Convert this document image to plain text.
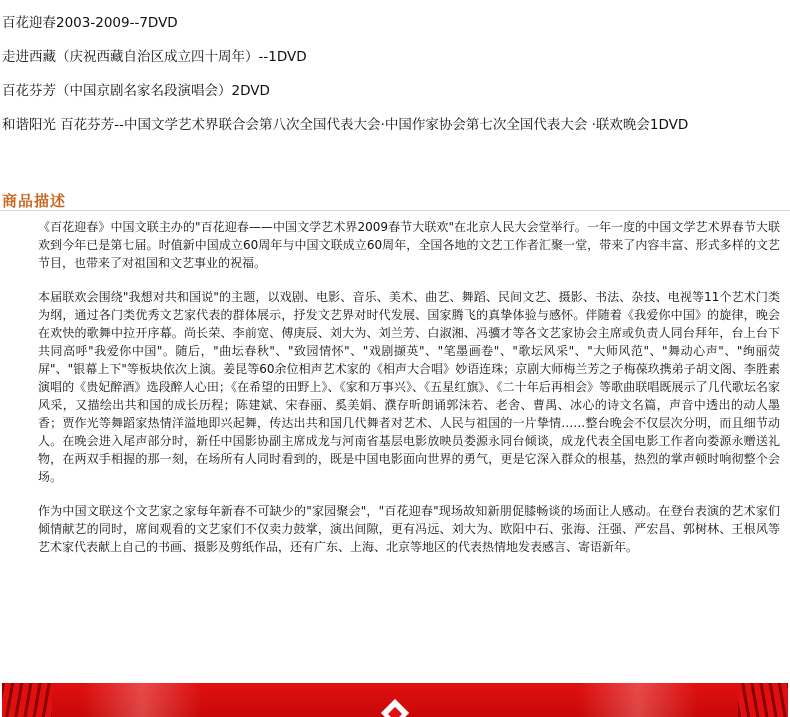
百花迎春2003-2009--7DVD
走进西藏（庆祝西藏自治区成立四十周年）--1DVD
百花芬芳（中国京剧名家名段演唱会）2DVD
和谐阳光 百花芬芳--中国文学艺术界联合会第八次全国代表大会·中国作家协会第七次全国代表大会 ·联欢晚会1DVD
商品描述

《百花迎春》中国文联主办的"百花迎春——中国文学艺术界2009春节大联欢"在北京人民大会堂举行。一年一度的中国文学艺术界春节大联欢到今年已是第七届。时值新中国成立60周年与中国文联成立60周年，全国各地的文艺工作者汇聚一堂，带来了内容丰富、形式多样的文艺节目，也带来了对祖国和文艺事业的祝福。

本届联欢会围绕"我想对共和国说"的主题，以戏剧、电影、音乐、美术、曲艺、舞蹈、民间文艺、摄影、书法、杂技、电视等11个艺术门类为纲，通过各门类优秀文艺家代表的群体展示，抒发文艺界对时代发展、国家腾飞的真挚体验与感怀。伴随着《我爱你中国》的旋律，晚会在欢快的歌舞中拉开序幕。尚长荣、李前宽、傅庚辰、刘大为、刘兰芳、白淑湘、冯骥才等各文艺家协会主席或负责人同台拜年，台上台下共同高呼"我爱你中国"。随后，"曲坛春秋"、"致园情怀"、"戏剧撷英"、"笔墨画卷"、"歌坛风采"、"大师风范"、"舞动心声"、"绚丽荧屏"、"银幕上下"等板块依次上演。姜昆等60余位相声艺术家的《相声大合唱》妙语连珠；京剧大师梅兰芳之子梅葆玖携弟子胡文阁、李胜素演唱的《贵妃醉酒》选段醉人心田；《在希望的田野上》、《家和万事兴》、《五星红旗》、《二十年后再相会》等歌曲联唱既展示了几代歌坛名家风采，又描绘出共和国的成长历程；陈建斌、宋春丽、奚美娟、濮存昕朗诵郭沫若、老舍、曹禺、冰心的诗文名篇，声音中透出的动人墨香；贾作光等舞蹈家热情洋溢地即兴起舞，传达出共和国几代舞者对艺术、人民与祖国的一片挚情……整台晚会不仅层次分明，而且细节动人。在晚会进入尾声部分时，新任中国影协副主席成龙与河南省基层电影放映员娄源永同台倾谈，成龙代表全国电影工作者向娄源永赠送礼物，在两双手相握的那一刻，在场所有人同时看到的，既是中国电影面向世界的勇气，更是它深入群众的根基，热烈的掌声顿时响彻整个会场。

作为中国文联这个文艺家之家每年新春不可缺少的"家园聚会"，"百花迎春"现场故知新朋促膝畅谈的场面让人感动。在登台表演的艺术家们倾情献艺的同时，席间观看的文艺家们不仅卖力鼓掌，演出间隙，更有冯远、刘大为、欧阳中石、张海、汪强、严宏昌、郭树林、王根风等艺术家代表献上自己的书画、摄影及剪纸作品，还有广东、上海、北京等地区的代表热情地发表感言、寄语新年。
